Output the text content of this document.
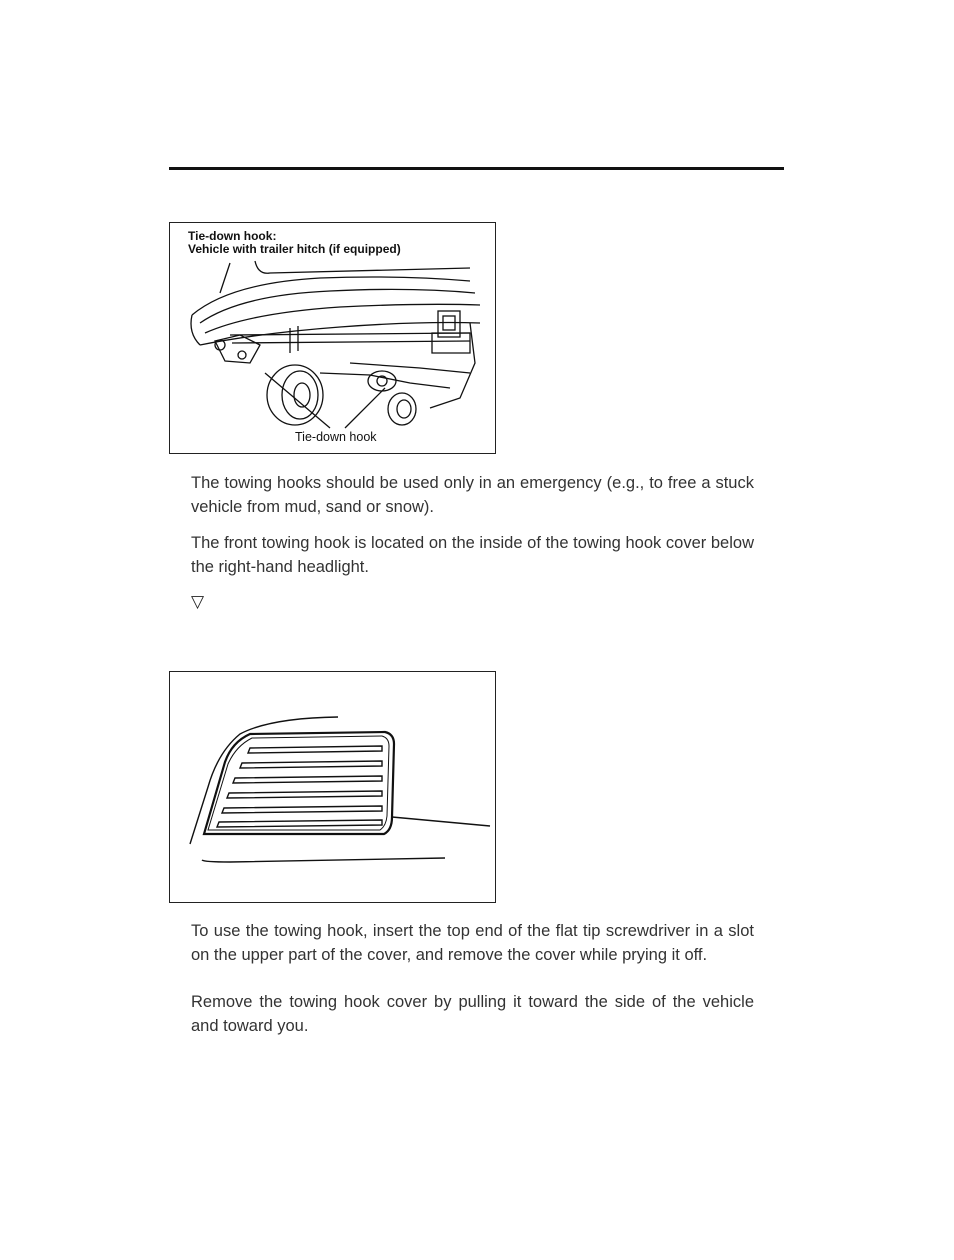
Tie-down hook:
Vehicle with trailer hitch (if equipped)
Tie-down hook

The towing hooks should be used only in an emergency (e.g., to free a stuck vehicle from mud, sand or snow).

The front towing hook is located on the inside of the towing hook cover below the right-hand headlight.

▽

To use the towing hook, insert the top end of the flat tip screwdriver in a slot on the upper part of the cover, and remove the cover while prying it off.

Remove the towing hook cover by pulling it toward the side of the vehicle and toward you.
